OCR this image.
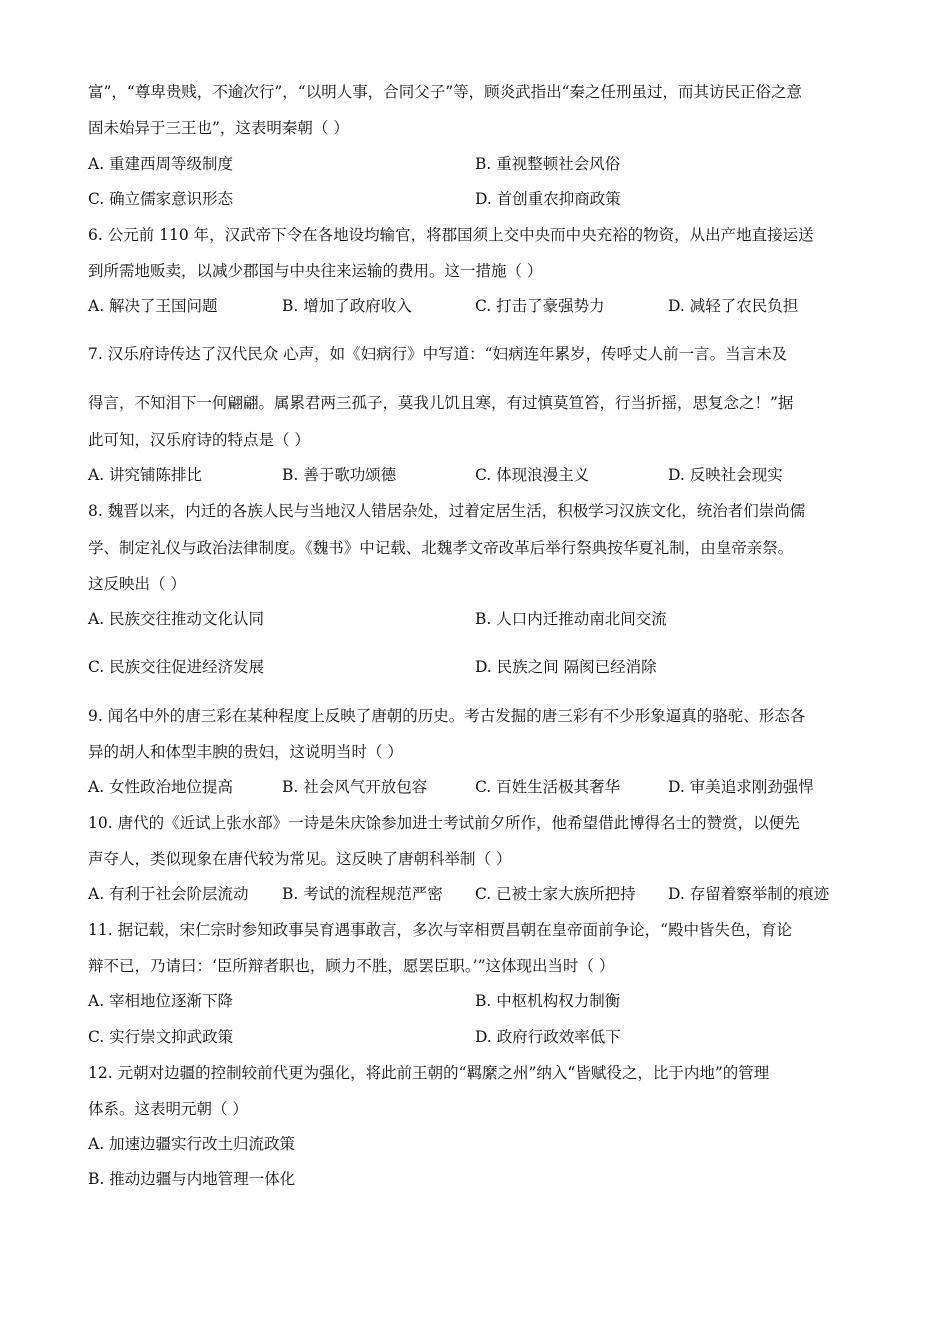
富”，“尊卑贵贱，不逾次行”，“以明人事，合同父子”等，顾炎武指出“秦之任刑虽过，而其访民正俗之意
固未始异于三王也”，这表明秦朝（ ）
A. 重建西周等级制度	B. 重视整顿社会风俗
C. 确立儒家意识形态	D. 首创重农抑商政策
6. 公元前 110 年，汉武帝下令在各地设均输官，将郡国须上交中央而中央充裕的物资，从出产地直接运送
到所需地贩卖，以减少郡国与中央往来运输的费用。这一措施（ ）
A. 解决了王国问题	B. 增加了政府收入	C. 打击了豪强势力	D. 减轻了农民负担
7. 汉乐府诗传达了汉代民众 心声，如《妇病行》中写道：“妇病连年累岁，传呼丈人前一言。当言未及
得言，不知泪下一何翩翩。属累君两三孤子，莫我儿饥且寒，有过慎莫笪笞，行当折摇，思复念之！”据
此可知，汉乐府诗的特点是（ ）
A. 讲究铺陈排比	B. 善于歌功颂德	C. 体现浪漫主义	D. 反映社会现实
8. 魏晋以来，内迁的各族人民与当地汉人错居杂处，过着定居生活，积极学习汉族文化，统治者们崇尚儒
学、制定礼仪与政治法律制度。《魏书》中记载、北魏孝文帝改革后举行祭典按华夏礼制，由皇帝亲祭。
这反映出（ ）
A. 民族交往推动文化认同	B. 人口内迁推动南北间交流
C. 民族交往促进经济发展	D. 民族之间 隔阂已经消除
9. 闻名中外的唐三彩在某种程度上反映了唐朝的历史。考古发掘的唐三彩有不少形象逼真的骆驼、形态各
异的胡人和体型丰腴的贵妇，这说明当时（ ）
A. 女性政治地位提高	B. 社会风气开放包容	C. 百姓生活极其奢华	D. 审美追求刚劲强悍
10. 唐代的《近试上张水部》一诗是朱庆馀参加进士考试前夕所作，他希望借此博得名士的赞赏，以便先
声夺人，类似现象在唐代较为常见。这反映了唐朝科举制（ ）
A. 有利于社会阶层流动 B. 考试的流程规范严密 C. 已被士家大族所把持 D. 存留着察举制的痕迹
11. 据记载，宋仁宗时参知政事吴育遇事敢言，多次与宰相贾昌朝在皇帝面前争论，“殿中皆失色，育论
辩不已，乃请曰：‘臣所辩者职也，顾力不胜，愿罢臣职。’”这体现出当时（ ）
A. 宰相地位逐渐下降	B. 中枢机构权力制衡
C. 实行崇文抑武政策	D. 政府行政效率低下
12. 元朝对边疆的控制较前代更为强化，将此前王朝的“羁縻之州”纳入“皆赋役之，比于内地”的管理
体系。这表明元朝（ ）
A. 加速边疆实行改土归流政策
B. 推动边疆与内地管理一体化
